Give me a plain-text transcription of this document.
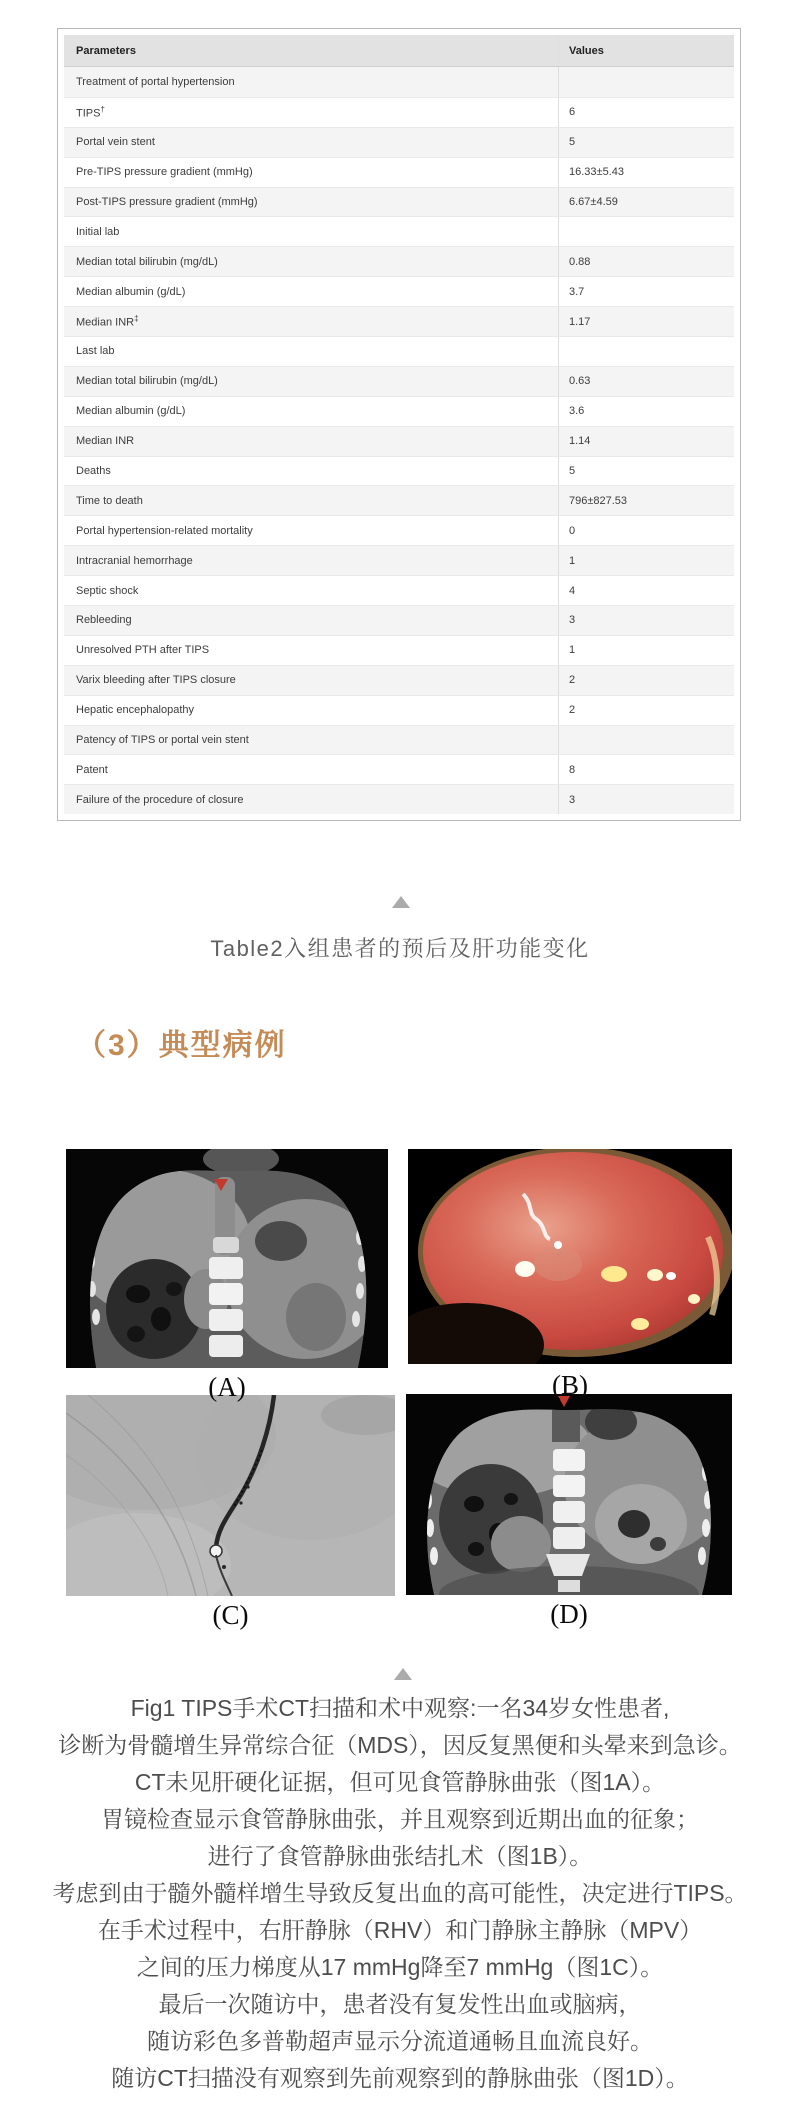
Parameters	Values
Treatment of portal hypertension
TIPS†	6
Portal vein stent	5
Pre-TIPS pressure gradient (mmHg)	16.33±5.43
Post-TIPS pressure gradient (mmHg)	6.67±4.59
Initial lab
Median total bilirubin (mg/dL)	0.88
Median albumin (g/dL)	3.7
Median INR‡	1.17
Last lab
Median total bilirubin (mg/dL)	0.63
Median albumin (g/dL)	3.6
Median INR	1.14
Deaths	5
Time to death	796±827.53
Portal hypertension-related mortality	0
Intracranial hemorrhage	1
Septic shock	4
Rebleeding	3
Unresolved PTH after TIPS	1
Varix bleeding after TIPS closure	2
Hepatic encephalopathy	2
Patency of TIPS or portal vein stent
Patent	8
Failure of the procedure of closure	3
Table2入组患者的预后及肝功能变化
（3）典型病例
(A)	(B)
(C)	(D)
Fig1 TIPS手术CT扫描和术中观察:一名34岁女性患者,
诊断为骨髓增生异常综合征（MDS），因反复黑便和头晕来到急诊。
CT未见肝硬化证据，但可见食管静脉曲张（图1A）。
胃镜检查显示食管静脉曲张，并且观察到近期出血的征象；
进行了食管静脉曲张结扎术（图1B）。
考虑到由于髓外髓样增生导致反复出血的高可能性，决定进行TIPS。
在手术过程中，右肝静脉（RHV）和门静脉主静脉（MPV）
之间的压力梯度从17 mmHg降至7 mmHg（图1C）。
最后一次随访中，患者没有复发性出血或脑病，
随访彩色多普勒超声显示分流道通畅且血流良好。
随访CT扫描没有观察到先前观察到的静脉曲张（图1D）。
